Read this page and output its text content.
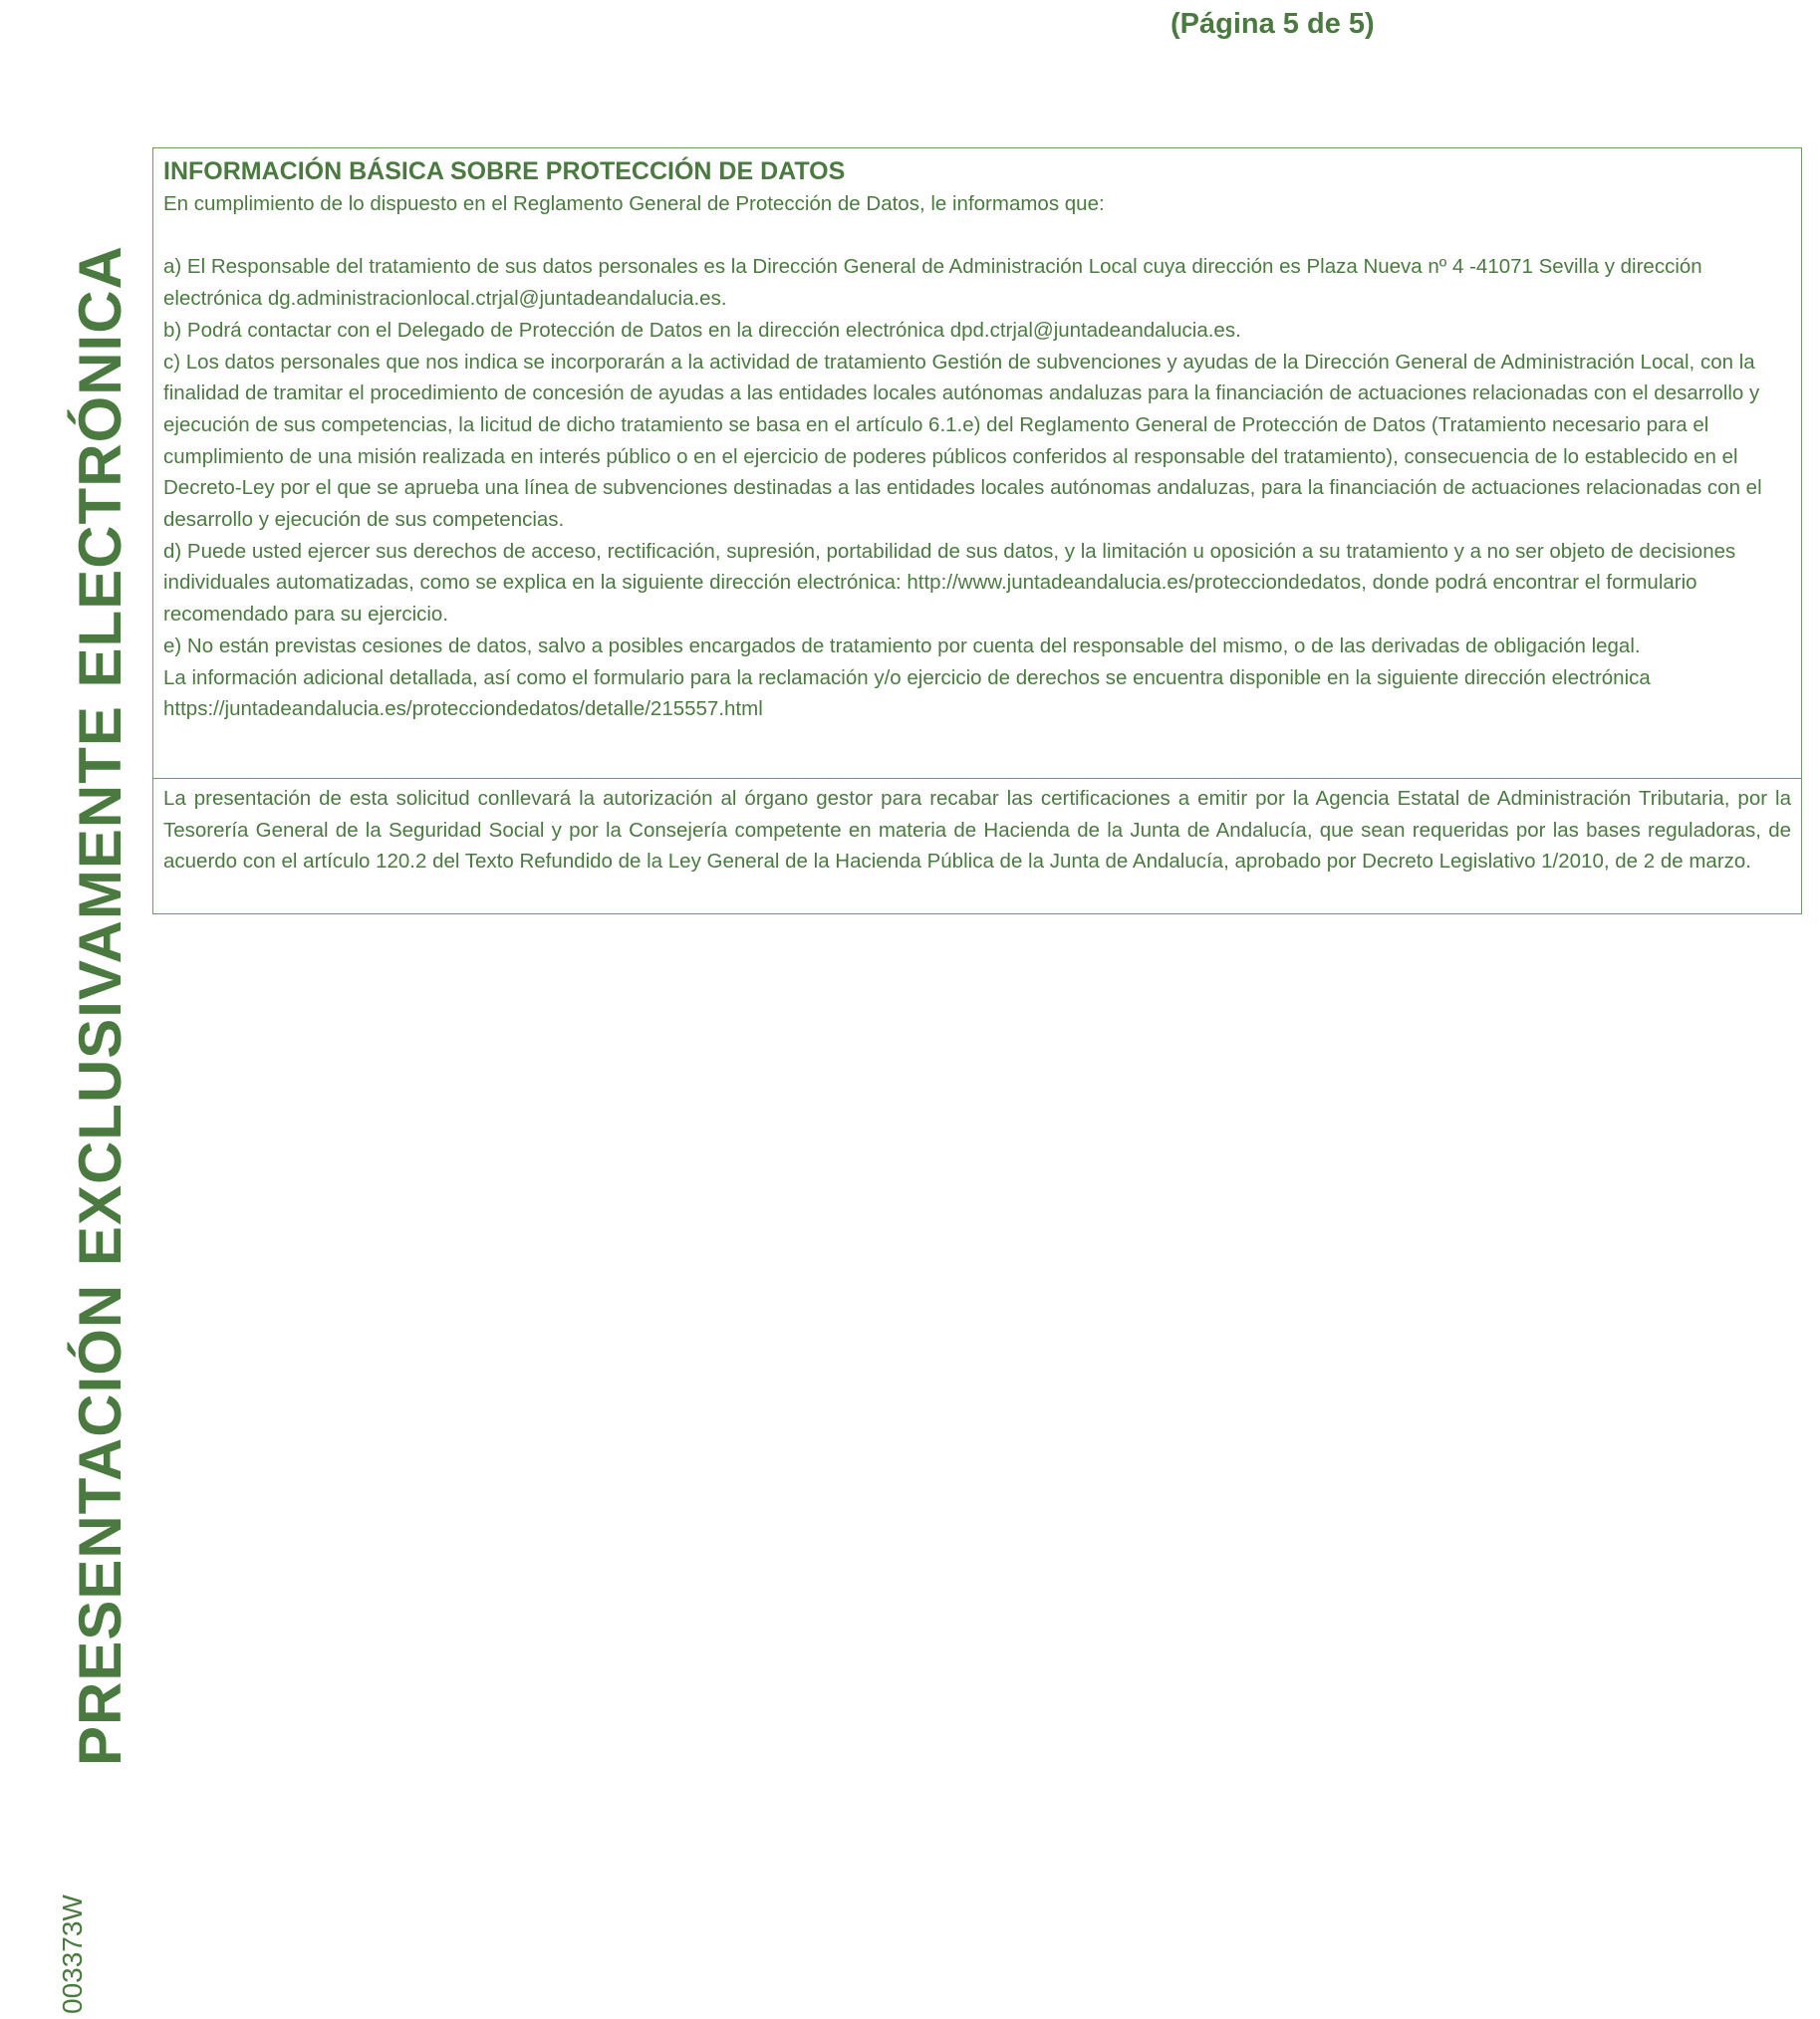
(Página 5 de 5)
PRESENTACIÓN EXCLUSIVAMENTE ELECTRÓNICA
003373W
INFORMACIÓN BÁSICA SOBRE PROTECCIÓN DE DATOS

En cumplimiento de lo dispuesto en el Reglamento General de Protección de Datos, le informamos que:

a) El Responsable del tratamiento de sus datos personales es la Dirección General de Administración Local cuya dirección es Plaza Nueva nº 4 -41071 Sevilla y dirección electrónica dg.administracionlocal.ctrjal@juntadeandalucia.es.

b) Podrá contactar con el Delegado de Protección de Datos en la dirección electrónica dpd.ctrjal@juntadeandalucia.es.

c) Los datos personales que nos indica se incorporarán a la actividad de tratamiento Gestión de subvenciones y ayudas de la Dirección General de Administración Local, con la finalidad de tramitar el procedimiento de concesión de ayudas a las entidades locales autónomas andaluzas para la financiación de actuaciones relacionadas con el desarrollo y ejecución de sus competencias, la licitud de dicho tratamiento se basa en el artículo 6.1.e) del Reglamento General de Protección de Datos (Tratamiento necesario para el cumplimiento de una misión realizada en interés público o en el ejercicio de poderes públicos conferidos al responsable del tratamiento), consecuencia de lo establecido en el Decreto-Ley por el que se aprueba una línea de subvenciones destinadas a las entidades locales autónomas andaluzas, para la financiación de actuaciones relacionadas con el desarrollo y ejecución de sus competencias.

d) Puede usted ejercer sus derechos de acceso, rectificación, supresión, portabilidad de sus datos, y la limitación u oposición a su tratamiento y a no ser objeto de decisiones individuales automatizadas, como se explica en la siguiente dirección electrónica: http://www.juntadeandalucia.es/protecciondedatos, donde podrá encontrar el formulario recomendado para su ejercicio.

e) No están previstas cesiones de datos, salvo a posibles encargados de tratamiento por cuenta del responsable del mismo, o de las derivadas de obligación legal.

La información adicional detallada, así como el formulario para la reclamación y/o ejercicio de derechos se encuentra disponible en la siguiente dirección electrónica https://juntadeandalucia.es/protecciondedatos/detalle/215557.html

La presentación de esta solicitud conllevará la autorización al órgano gestor para recabar las certificaciones a emitir por la Agencia Estatal de Administración Tributaria, por la Tesorería General de la Seguridad Social y por la Consejería competente en materia de Hacienda de la Junta de Andalucía, que sean requeridas por las bases reguladoras, de acuerdo con el artículo 120.2 del Texto Refundido de la Ley General de la Hacienda Pública de la Junta de Andalucía, aprobado por Decreto Legislativo 1/2010, de 2 de marzo.
